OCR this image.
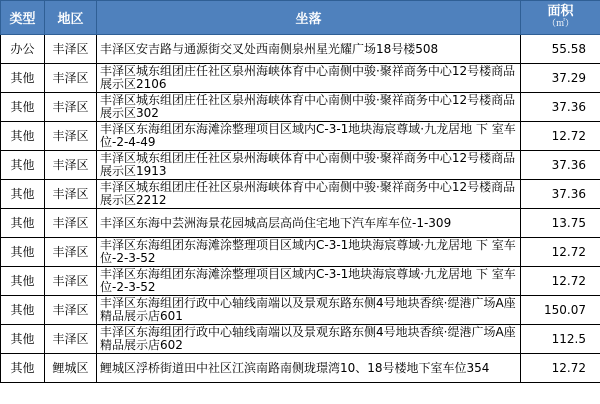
类型	地区	坐落	面积
（㎡）

办公	丰泽区	丰泽区安吉路与通源街交叉处西南侧泉州星光耀广场18号楼508	55.58
其他	丰泽区	丰泽区城东组团庄任社区泉州海峡体育中心南侧中骏·聚祥商务中心12号楼商品展示区2106	37.29
其他	丰泽区	丰泽区城东组团庄任社区泉州海峡体育中心南侧中骏·聚祥商务中心12号楼商品展示区302	37.36
其他	丰泽区	丰泽区东海组团东海滩涂整理项目区域内C-3-1地块海宸尊域·九龙居地 下 室车位-2-4-49	12.72
其他	丰泽区	丰泽区城东组团庄任社区泉州海峡体育中心南侧中骏·聚祥商务中心12号楼商品展示区1913	37.36
其他	丰泽区	丰泽区城东组团庄任社区泉州海峡体育中心南侧中骏·聚祥商务中心12号楼商品展示区2212	37.36
其他	丰泽区	丰泽区东海中芸洲海景花园城高层高尚住宅地下汽车库车位-1-309	13.75
其他	丰泽区	丰泽区东海组团东海滩涂整理项目区域内C-3-1地块海宸尊域·九龙居地 下 室车位-2-3-52	12.72
其他	丰泽区	丰泽区东海组团东海滩涂整理项目区域内C-3-1地块海宸尊域·九龙居地 下 室车位-2-3-52	12.72
其他	丰泽区	丰泽区东海组团行政中心轴线南端以及景观东路东侧4号地块香缤·缇港广场A座精品展示店601	150.07
其他	丰泽区	丰泽区东海组团行政中心轴线南端以及景观东路东侧4号地块香缤·缇港广场A座精品展示店602	112.5
其他	鲤城区	鲤城区浮桥街道田中社区江滨南路南侧珑璟湾10、18号楼地下室车位354	12.72
